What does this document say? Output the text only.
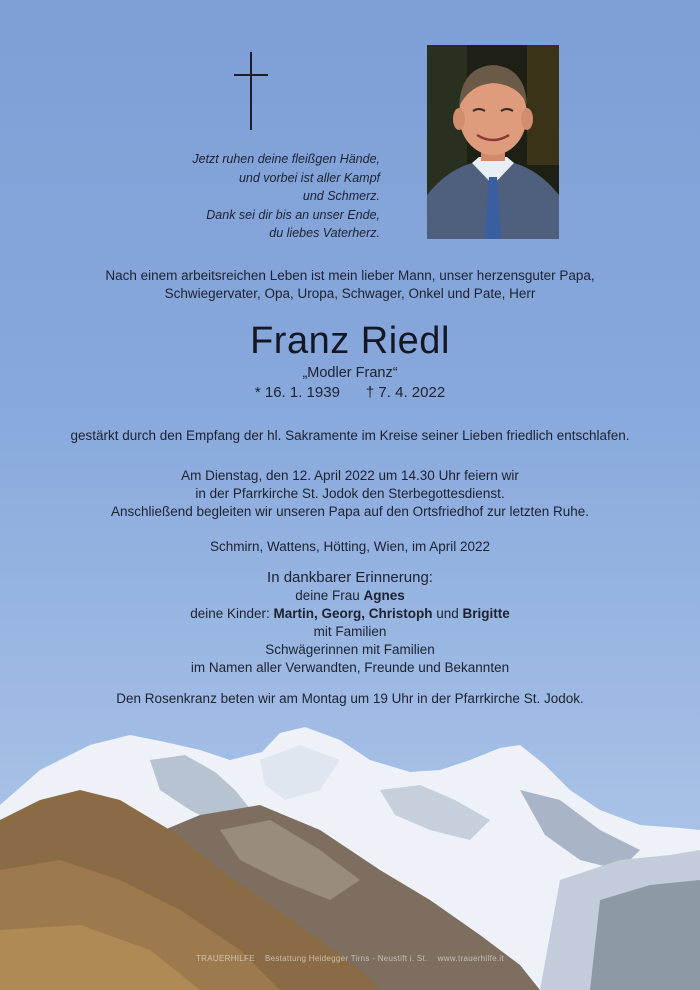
Jetzt ruhen deine fleißgen Hände,
und vorbei ist aller Kampf
und Schmerz.
Dank sei dir bis an unser Ende,
du liebes Vaterherz.
Nach einem arbeitsreichen Leben ist mein lieber Mann, unser herzensguter Papa,
Schwiegervater, Opa, Uropa, Schwager, Onkel und Pate, Herr
Franz Riedl
„Modler Franz“
* 16. 1. 1939 † 7. 4. 2022
gestärkt durch den Empfang der hl. Sakramente im Kreise seiner Lieben friedlich entschlafen.
Am Dienstag, den 12. April 2022 um 14.30 Uhr feiern wir
in der Pfarrkirche St. Jodok den Sterbegottesdienst.
Anschließend begleiten wir unseren Papa auf den Ortsfriedhof zur letzten Ruhe.
Schmirn, Wattens, Hötting, Wien, im April 2022
In dankbarer Erinnerung:
deine Frau Agnes
deine Kinder: Martin, Georg, Christoph und Brigitte
mit Familien
Schwägerinnen mit Familien
im Namen aller Verwandten, Freunde und Bekannten
Den Rosenkranz beten wir am Montag um 19 Uhr in der Pfarrkirche St. Jodok.
TRAUERHILFE Bestattung Heidegger Tirns - Neustift i. St. www.trauerhilfe.it
